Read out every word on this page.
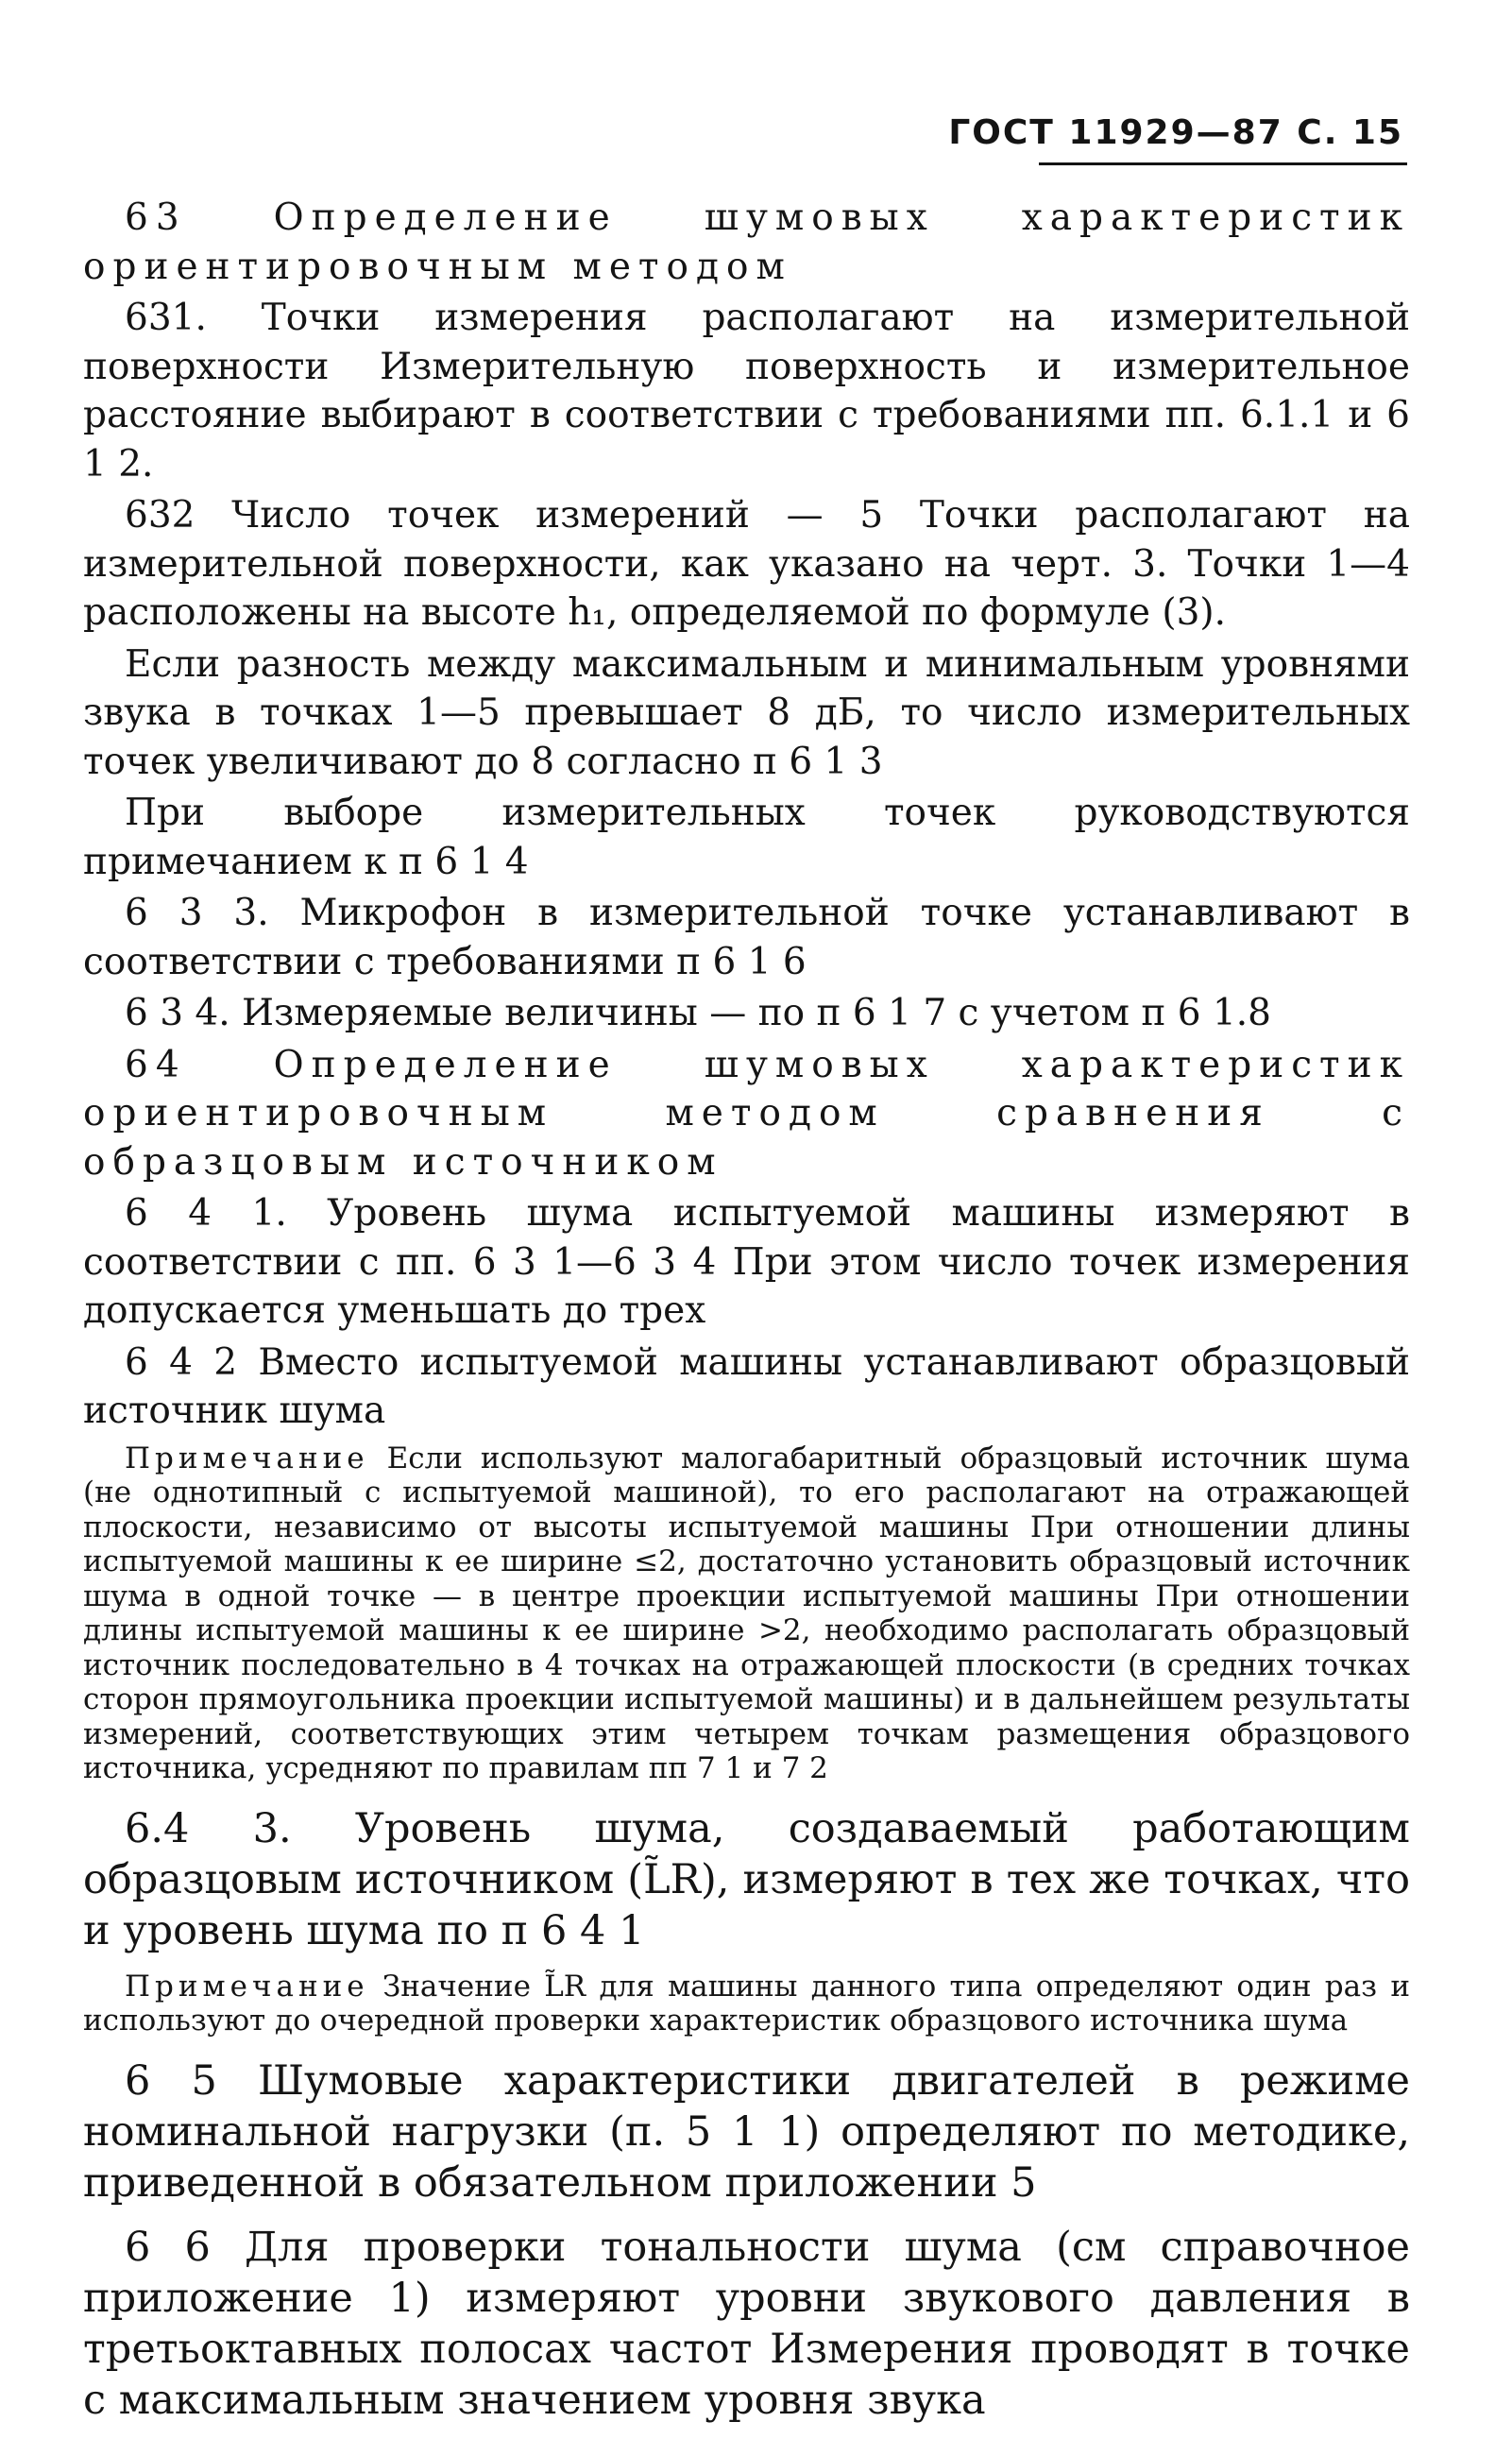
ГОСТ 11929—87 С. 15
63 Определение шумовых характеристик ориентировочным методом
631. Точки измерения располагают на измерительной поверхности Измерительную поверхность и измерительное расстояние выбирают в соответствии с требованиями пп. 6.1.1 и 6 1 2.
632 Число точек измерений — 5 Точки располагают на измерительной поверхности, как указано на черт. 3. Точки 1—4 расположены на высоте h₁, определяемой по формуле (3).
Если разность между максимальным и минимальным уровнями звука в точках 1—5 превышает 8 дБ, то число измерительных точек увеличивают до 8 согласно п 6 1 3
При выборе измерительных точек руководствуются примечанием к п 6 1 4
6 3 3. Микрофон в измерительной точке устанавливают в соответствии с требованиями п 6 1 6
6 3 4. Измеряемые величины — по п 6 1 7 с учетом п 6 1.8
64 Определение шумовых характеристик ориентировочным методом сравнения с образцовым источником
6 4 1. Уровень шума испытуемой машины измеряют в соответствии с пп. 6 3 1—6 3 4 При этом число точек измерения допускается уменьшать до трех
6 4 2 Вместо испытуемой машины устанавливают образцовый источник шума
Примечание Если используют малогабаритный образцовый источник шума (не однотипный с испытуемой машиной), то его располагают на отражающей плоскости, независимо от высоты испытуемой машины При отношении длины испытуемой машины к ее ширине ≤2, достаточно установить образцовый источник шума в одной точке — в центре проекции испытуемой машины При отношении длины испытуемой машины к ее ширине >2, необходимо располагать образцовый источник последовательно в 4 точках на отражающей плоскости (в средних точках сторон прямоугольника проекции испытуемой машины) и в дальнейшем результаты измерений, соответствующих этим четырем точкам размещения образцового источника, усредняют по правилам пп 7 1 и 7 2
6.4 3. Уровень шума, создаваемый работающим образцовым источником (L̃R), измеряют в тех же точках, что и уровень шума по п 6 4 1
Примечание Значение L̃R для машины данного типа определяют один раз и используют до очередной проверки характеристик образцового источника шума
6 5 Шумовые характеристики двигателей в режиме номинальной нагрузки (п. 5 1 1) определяют по методике, приведенной в обязательном приложении 5
6 6 Для проверки тональности шума (см справочное приложение 1) измеряют уровни звукового давления в третьоктавных полосах частот Измерения проводят в точке с максимальным значением уровня звука
